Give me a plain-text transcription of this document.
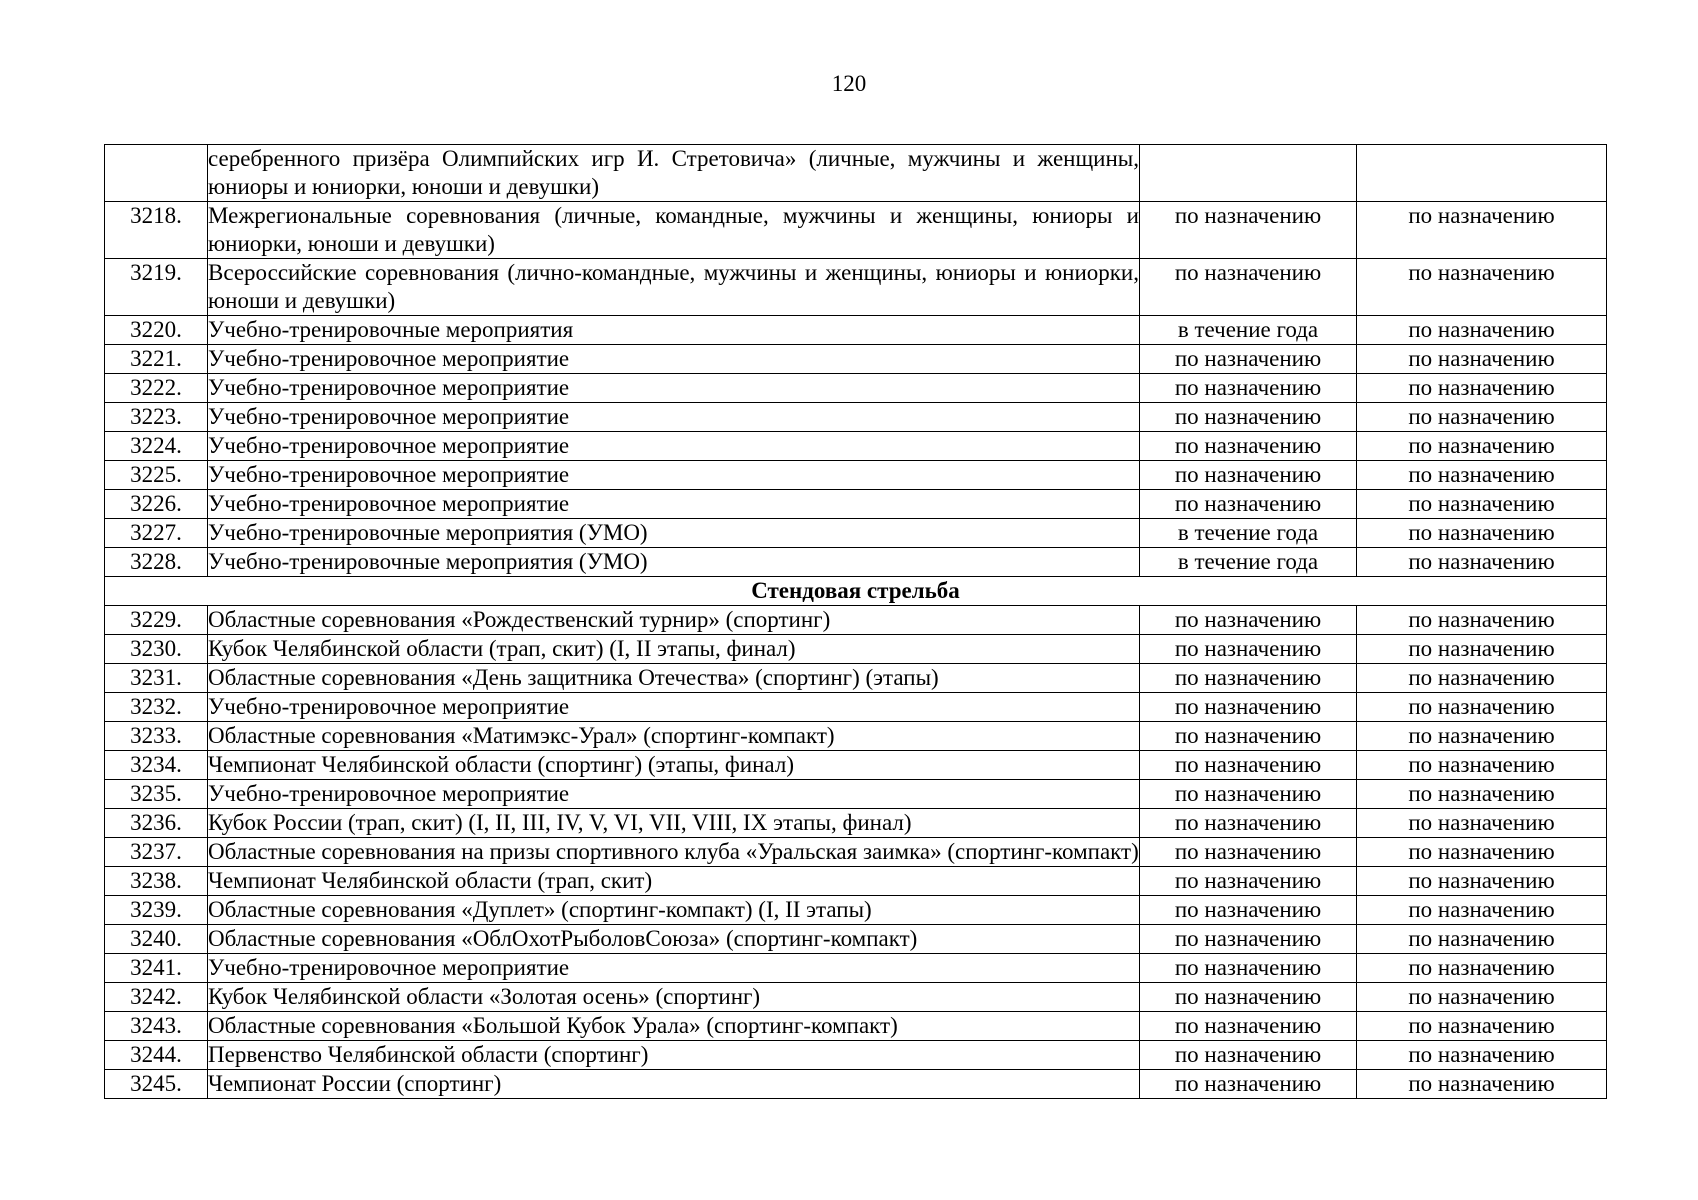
120
	серебренного призёра Олимпийских игр И. Стретовича» (личные, мужчины и женщины, юниоры и юниорки, юноши и девушки)		
3218.	Межрегиональные соревнования (личные, командные, мужчины и женщины, юниоры и юниорки, юноши и девушки)	по назначению	по назначению
3219.	Всероссийские соревнования (лично-командные, мужчины и женщины, юниоры и юниорки, юноши и девушки)	по назначению	по назначению
3220.	Учебно-тренировочные мероприятия	в течение года	по назначению
3221.	Учебно-тренировочное мероприятие	по назначению	по назначению
3222.	Учебно-тренировочное мероприятие	по назначению	по назначению
3223.	Учебно-тренировочное мероприятие	по назначению	по назначению
3224.	Учебно-тренировочное мероприятие	по назначению	по назначению
3225.	Учебно-тренировочное мероприятие	по назначению	по назначению
3226.	Учебно-тренировочное мероприятие	по назначению	по назначению
3227.	Учебно-тренировочные мероприятия (УМО)	в течение года	по назначению
3228.	Учебно-тренировочные мероприятия (УМО)	в течение года	по назначению
Стендовая стрельба			
3229.	Областные соревнования «Рождественский турнир» (спортинг)	по назначению	по назначению
3230.	Кубок Челябинской области (трап, скит) (I, II этапы, финал)	по назначению	по назначению
3231.	Областные соревнования «День защитника Отечества» (спортинг) (этапы)	по назначению	по назначению
3232.	Учебно-тренировочное мероприятие	по назначению	по назначению
3233.	Областные соревнования «Матимэкс-Урал» (спортинг-компакт)	по назначению	по назначению
3234.	Чемпионат Челябинской области (спортинг) (этапы, финал)	по назначению	по назначению
3235.	Учебно-тренировочное мероприятие	по назначению	по назначению
3236.	Кубок России (трап, скит) (I, II, III, IV, V, VI, VII, VIII, IX этапы, финал)	по назначению	по назначению
3237.	Областные соревнования на призы спортивного клуба «Уральская заимка» (спортинг-компакт)	по назначению	по назначению
3238.	Чемпионат Челябинской области (трап, скит)	по назначению	по назначению
3239.	Областные соревнования «Дуплет» (спортинг-компакт) (I, II этапы)	по назначению	по назначению
3240.	Областные соревнования «ОблОхотРыболовСоюза» (спортинг-компакт)	по назначению	по назначению
3241.	Учебно-тренировочное мероприятие	по назначению	по назначению
3242.	Кубок Челябинской области «Золотая осень» (спортинг)	по назначению	по назначению
3243.	Областные соревнования «Большой Кубок Урала» (спортинг-компакт)	по назначению	по назначению
3244.	Первенство Челябинской области (спортинг)	по назначению	по назначению
3245.	Чемпионат России (спортинг)	по назначению	по назначению
